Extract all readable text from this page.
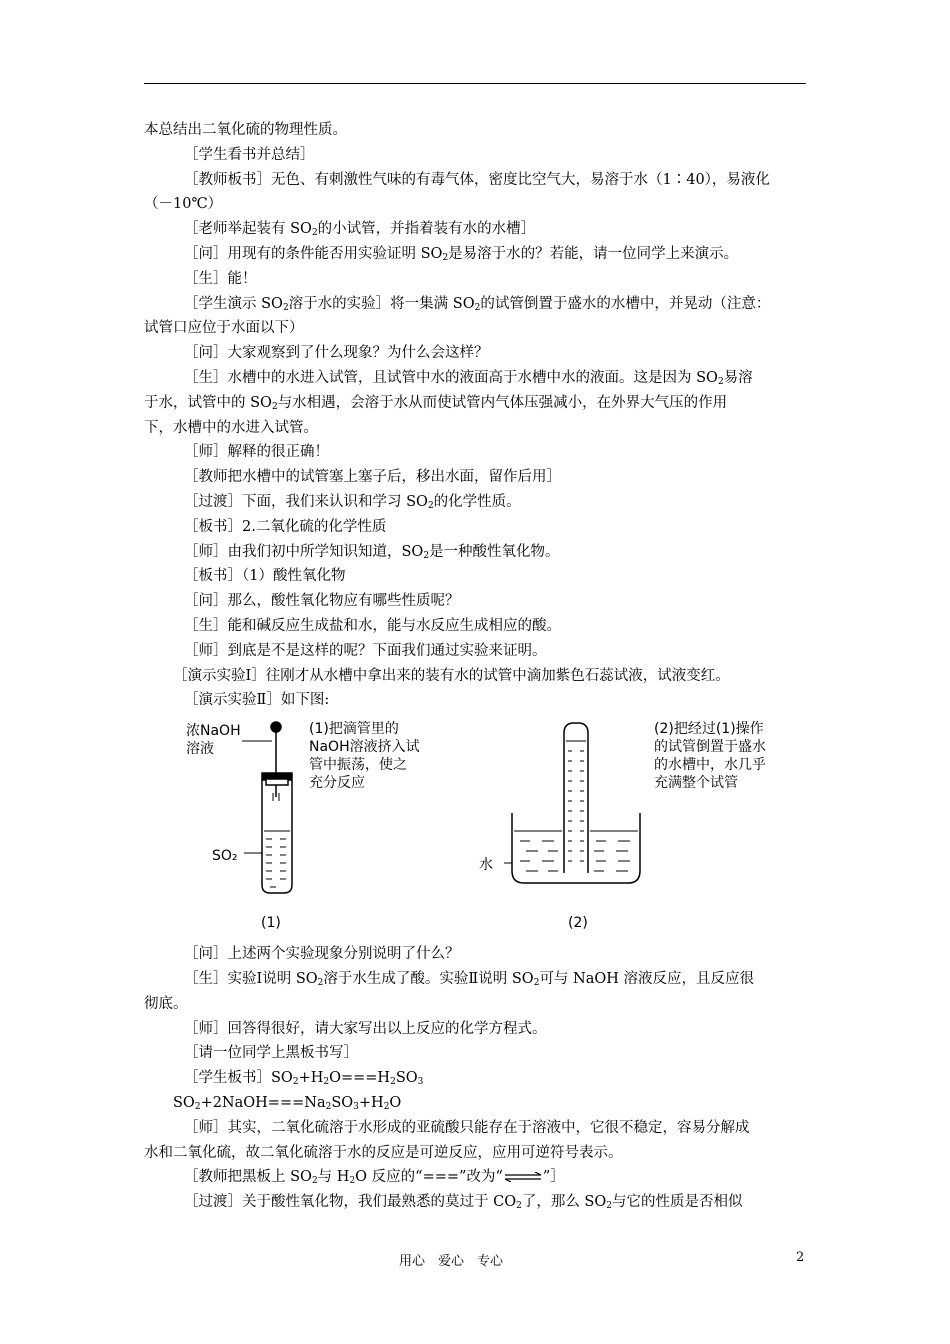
本总结出二氧化硫的物理性质。

［学生看书并总结］

［教师板书］无色、有刺激性气味的有毒气体，密度比空气大，易溶于水（1∶40），易液化

（－10℃）

［老师举起装有 $SO_2$的小试管，并指着装有水的水槽］

［问］用现有的条件能否用实验证明 $SO_2$是易溶于水的？若能，请一位同学上来演示。

［生］能！

［学生演示 $SO_2$溶于水的实验］将一集满 $SO_2$的试管倒置于盛水的水槽中，并晃动（注意：

试管口应位于水面以下）

［问］大家观察到了什么现象？为什么会这样？

［生］水槽中的水进入试管，且试管中水的液面高于水槽中水的液面。这是因为 $SO_2$易溶

于水，试管中的 $SO_2$与水相遇，会溶于水从而使试管内气体压强减小，在外界大气压的作用

下，水槽中的水进入试管。

［师］解释的很正确！

［教师把水槽中的试管塞上塞子后，移出水面，留作后用］

［过渡］下面，我们来认识和学习 $SO_2$的化学性质。

［板书］2.二氧化硫的化学性质

［师］由我们初中所学知识知道，$SO_2$是一种酸性氧化物。

［板书］（1）酸性氧化物

［问］那么，酸性氧化物应有哪些性质呢？

［生］能和碱反应生成盐和水，能与水反应生成相应的酸。

［师］到底是不是这样的呢？下面我们通过实验来证明。

［演示实验Ⅰ］往刚才从水槽中拿出来的装有水的试管中滴加紫色石蕊试液，试液变红。

［演示实验Ⅱ］如下图:

浓NaOH
溶液
SO₂
(1)把滴管里的
NaOH溶液挤入试
管中振荡，使之
充分反应
(1)
水
(2)把经过(1)操作
的试管倒置于盛水
的水槽中，水几乎
充满整个试管
(2)

［问］上述两个实验现象分别说明了什么？

［生］实验Ⅰ说明 $SO_2$溶于水生成了酸。实验Ⅱ说明 $SO_2$可与 NaOH 溶液反应，且反应很

彻底。

［师］回答得很好，请大家写出以上反应的化学方程式。

［请一位同学上黑板书写］

［学生板书$]SO_2+H_2O===H_2SO_3$

$SO_2+2NaOH===Na_2SO_3+H_2O$

［师］其实，二氧化硫溶于水形成的亚硫酸只能存在于溶液中，它很不稳定，容易分解成

水和二氧化硫，故二氧化硫溶于水的反应是可逆反应，应用可逆符号表示。

［教师把黑板上 $SO_2$与 $H_2O$ 反应的“===”改为“⇌”］

［过渡］关于酸性氧化物，我们最熟悉的莫过于 $CO_2$了，那么 $SO_2$与它的性质是否相似

用心　爱心　专心	2
